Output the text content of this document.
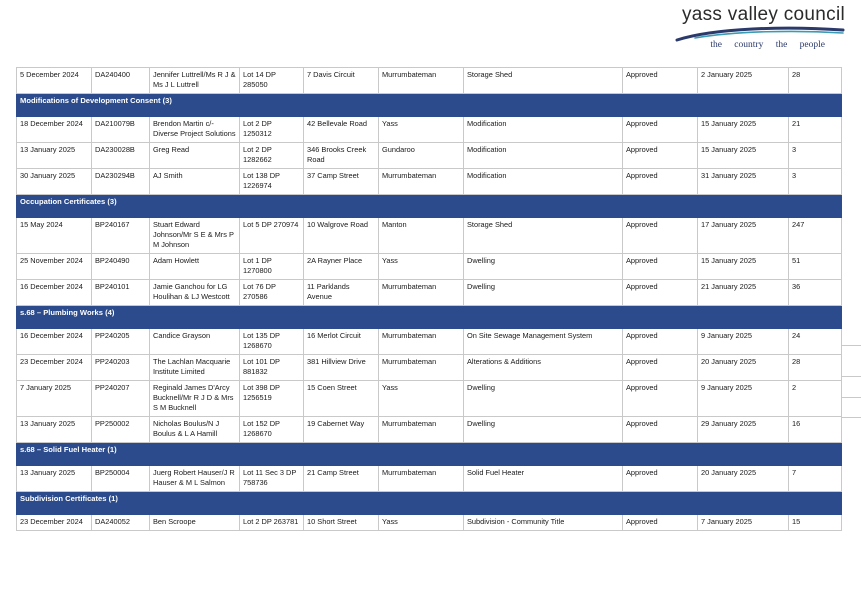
yass valley council
the country the people
5 December 2024	DA240400	Jennifer Luttrell/Ms R J & Ms J L Luttrell	Lot 14 DP 285050	7 Davis Circuit	Murrumbateman	Storage Shed	Approved	2 January 2025	28
Modifications of Development Consent (3)									
18 December 2024	DA210079B	Brendon Martin c/- Diverse Project Solutions	Lot 2 DP 1250312	42 Bellevale Road	Yass	Modification	Approved	15 January 2025	21
13 January 2025	DA230028B	Greg Read	Lot 2 DP 1282662	346 Brooks Creek Road	Gundaroo	Modification	Approved	15 January 2025	3
30 January 2025	DA230294B	AJ Smith	Lot 138 DP 1226974	37 Camp Street	Murrumbateman	Modification	Approved	31 January 2025	3
Occupation Certificates (3)									
15 May 2024	BP240167	Stuart Edward Johnson/Mr S E & Mrs P M Johnson	Lot 5 DP 270974	10 Walgrove Road	Manton	Storage Shed	Approved	17 January 2025	247
25 November 2024	BP240490	Adam Howlett	Lot 1 DP 1270800	2A Rayner Place	Yass	Dwelling	Approved	15 January 2025	51
16 December 2024	BP240101	Jamie Ganchou for LG Houlihan & LJ Westcott	Lot 76 DP 270586	11 Parklands Avenue	Murrumbateman	Dwelling	Approved	21 January 2025	36
s.68 – Plumbing Works (4)									
16 December 2024	PP240205	Candice Grayson	Lot 135 DP 1268670	16 Merlot Circuit	Murrumbateman	On Site Sewage Management System	Approved	9 January 2025	24
23 December 2024	PP240203	The Lachlan Macquarie Institute Limited	Lot 101 DP 881832	381 Hillview Drive	Murrumbateman	Alterations & Additions	Approved	20 January 2025	28
7 January 2025	PP240207	Reginald James D'Arcy Bucknell/Mr R J D & Mrs S M Bucknell	Lot 398 DP 1256519	15 Coen Street	Yass	Dwelling	Approved	9 January 2025	2
13 January 2025	PP250002	Nicholas Boulus/N J Boulus & L A Hamill	Lot 152 DP 1268670	19 Cabernet Way	Murrumbateman	Dwelling	Approved	29 January 2025	16
s.68 – Solid Fuel Heater (1)									
13 January 2025	BP250004	Juerg Robert Hauser/J R Hauser & M L Salmon	Lot 11 Sec 3 DP 758736	21 Camp Street	Murrumbateman	Solid Fuel Heater	Approved	20 January 2025	7
Subdivision Certificates (1)									
23 December 2024	DA240052	Ben Scroope	Lot 2 DP 263781	10 Short Street	Yass	Subdivision - Community Title	Approved	7 January 2025	15
